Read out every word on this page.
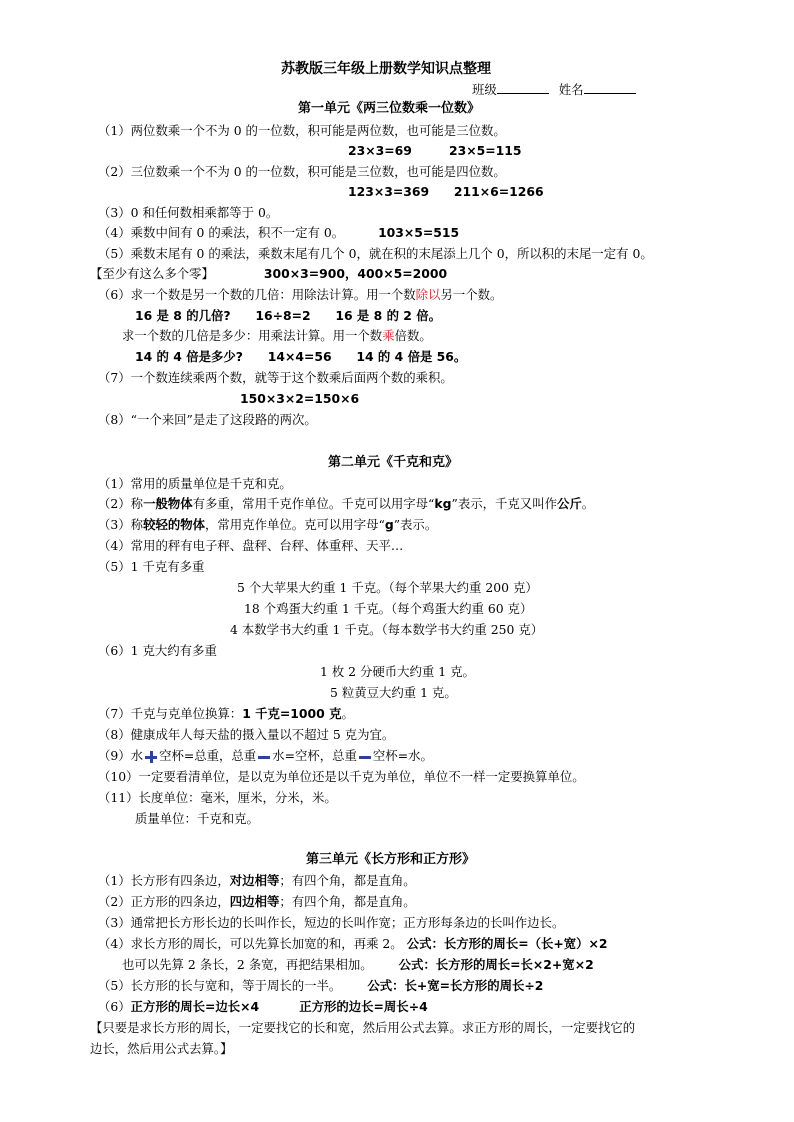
苏教版三年级上册数学知识点整理
班级	姓名
第一单元《两三位数乘一位数》
（1）两位数乘一个不为 0 的一位数，积可能是两位数，也可能是三位数。
23×3=69　　　23×5=115
（2）三位数乘一个不为 0 的一位数，积可能是三位数，也可能是四位数。
123×3=369　　211×6=1266
（3）0 和任何数相乘都等于 0。
（4）乘数中间有 0 的乘法，积不一定有 0。	103×5=515
（5）乘数末尾有 0 的乘法，乘数末尾有几个 0，就在积的末尾添上几个 0，所以积的末尾一定有 0。
【至少有这么多个零】	300×3=900，400×5=2000
（6）求一个数是另一个数的几倍：用除法计算。用一个数除以另一个数。
16 是 8 的几倍?　　16÷8=2　　16 是 8 的 2 倍。
求一个数的几倍是多少：用乘法计算。用一个数乘倍数。
14 的 4 倍是多少?　　14×4=56　　14 的 4 倍是 56。
（7）一个数连续乘两个数，就等于这个数乘后面两个数的乘积。
150×3×2=150×6
（8）“一个来回”是走了这段路的两次。
第二单元《千克和克》
（1）常用的质量单位是千克和克。
（2）称一般物体有多重，常用千克作单位。千克可以用字母“kg”表示，千克又叫作公斤。
（3）称较轻的物体，常用克作单位。克可以用字母“g”表示。
（4）常用的秤有电子秤、盘秤、台秤、体重秤、天平…
（5）1 千克有多重
5 个大苹果大约重 1 千克。（每个苹果大约重 200 克）
18 个鸡蛋大约重 1 千克。（每个鸡蛋大约重 60 克）
4 本数学书大约重 1 千克。（每本数学书大约重 250 克）
（6）1 克大约有多重
1 枚 2 分硬币大约重 1 克。
5 粒黄豆大约重 1 克。
（7）千克与克单位换算：1 千克=1000 克。
（8）健康成年人每天盐的摄入量以不超过 5 克为宜。
（9）水 空杯=总重，总重 水=空杯，总重 空杯=水。
（10）一定要看清单位，是以克为单位还是以千克为单位，单位不一样一定要换算单位。
（11）长度单位：毫米，厘米，分米，米。
质量单位：千克和克。
第三单元《长方形和正方形》
（1）长方形有四条边，对边相等；有四个角，都是直角。
（2）正方形的四条边，四边相等；有四个角，都是直角。
（3）通常把长方形长边的长叫作长，短边的长叫作宽；正方形每条边的长叫作边长。
（4）求长方形的周长，可以先算长加宽的和，再乘 2。 公式：长方形的周长=（长+宽）×2
也可以先算 2 条长，2 条宽，再把结果相加。 公式：长方形的周长=长×2+宽×2
（5）长方形的长与宽和，等于周长的一半。 公式：长+宽=长方形的周长÷2
（6）正方形的周长=边长×4	正方形的边长=周长÷4
【只要是求长方形的周长，一定要找它的长和宽，然后用公式去算。求正方形的周长，一定要找它的
边长，然后用公式去算。】
